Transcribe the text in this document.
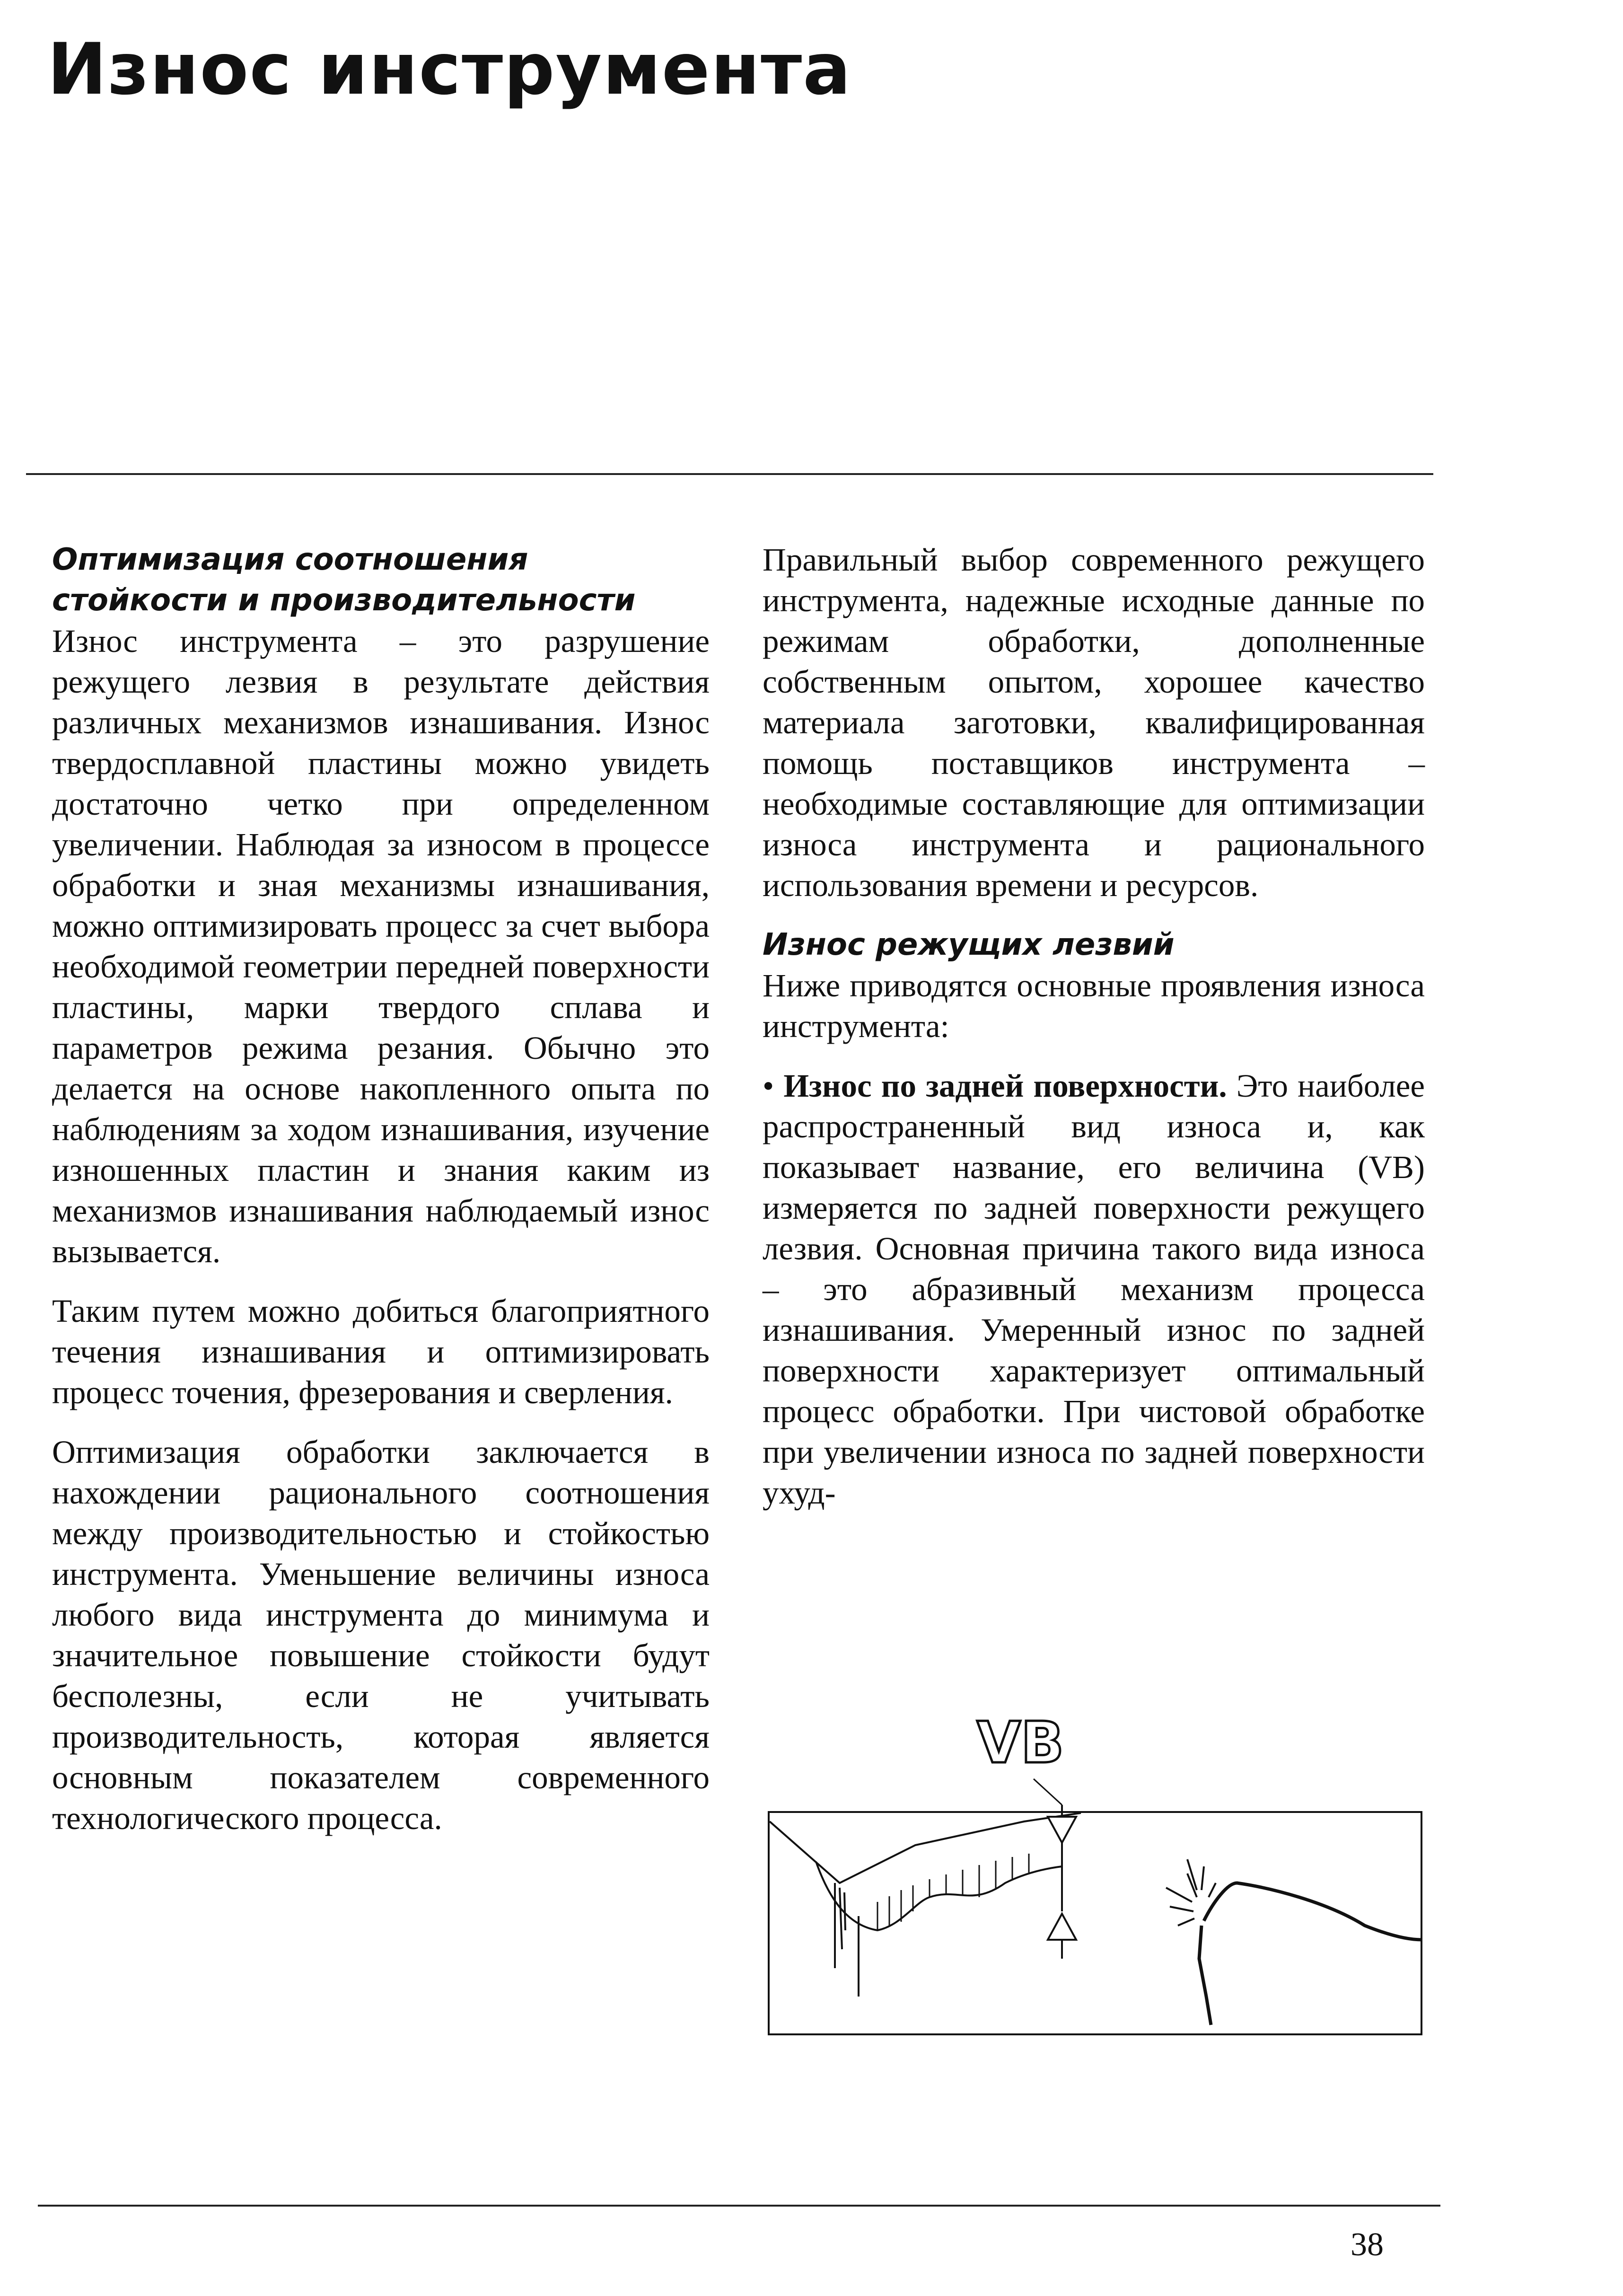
Износ инструмента
Оптимизация соотношения стойкости и производительности

Износ инструмента – это разрушение режущего лезвия в результате действия различных механизмов изнашивания. Износ твердосплавной пластины можно увидеть достаточно четко при определенном увеличении. Наблюдая за износом в процессе обработки и зная механизмы изнашивания, можно оптимизировать процесс за счет выбора необходимой геометрии передней поверхности пластины, марки твердого сплава и параметров режима резания. Обычно это делается на основе накопленного опыта по наблюдениям за ходом изнашивания, изучение изношенных пластин и знания каким из механизмов изнашивания наблюдаемый износ вызывается.

Таким путем можно добиться благоприятного течения изнашивания и оптимизировать процесс точения, фрезерования и сверления.

Оптимизация обработки заключается в нахождении рационального соотношения между производительностью и стойкостью инструмента. Уменьшение величины износа любого вида инструмента до минимума и значительное повышение стойкости будут бесполезны, если не учитывать производительность, которая является основным показателем современного технологического процесса.

Правильный выбор современного режущего инструмента, надежные исходные данные по режимам обработки, дополненные собственным опытом, хорошее качество материала заготовки, квалифицированная помощь поставщиков инструмента – необходимые составляющие для оптимизации износа инструмента и рационального использования времени и ресурсов.

Износ режущих лезвий

Ниже приводятся основные проявления износа инструмента:

• Износ по задней поверхности. Это наиболее распространенный вид износа и, как показывает название, его величина (VB) измеряется по задней поверхности режущего лезвия. Основная причина такого вида износа – это абразивный механизм процесса изнашивания. Умеренный износ по задней поверхности характеризует оптимальный процесс обработки. При чистовой обработке при увеличении износа по задней поверхности ухуд-

VB
38
